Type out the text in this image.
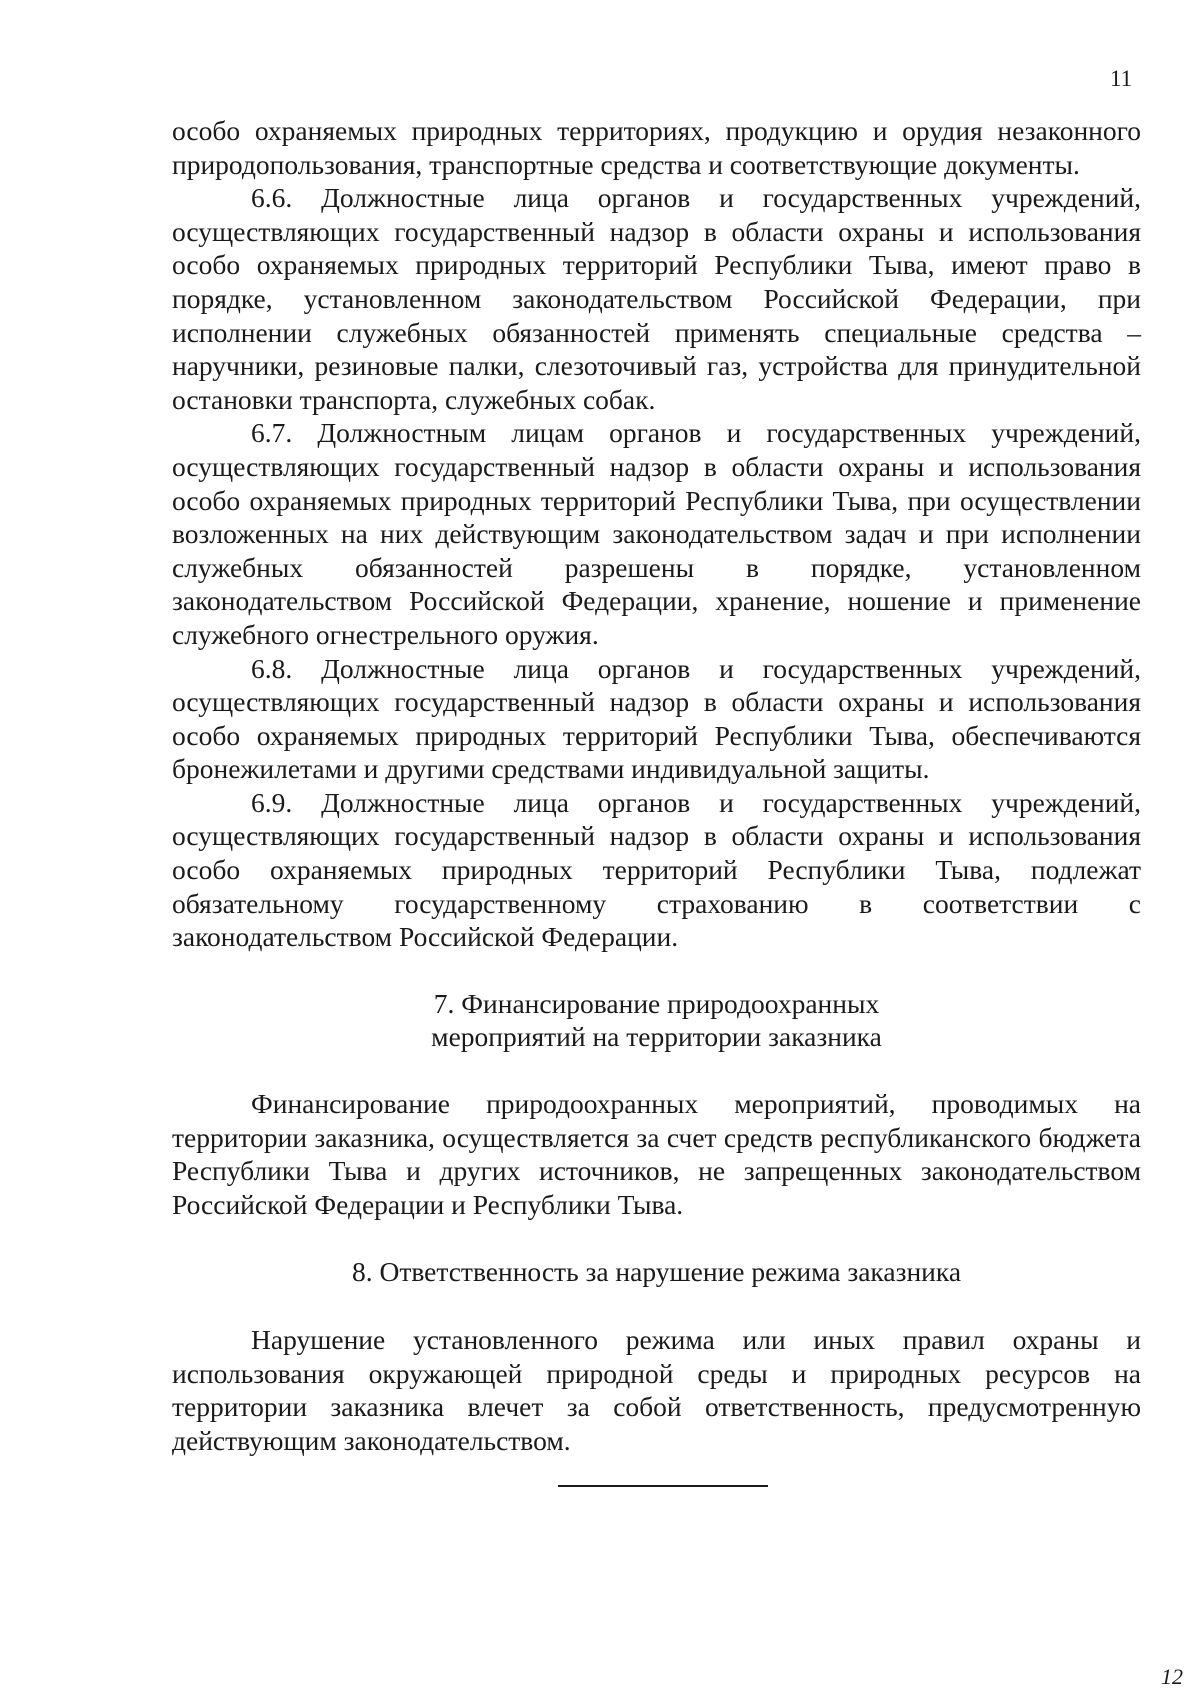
11

особо охраняемых природных территориях, продукцию и орудия незаконного природопользования, транспортные средства и соответствующие документы.

6.6. Должностные лица органов и государственных учреждений, осуществляющих государственный надзор в области охраны и использования особо охраняемых природных территорий Республики Тыва, имеют право в порядке, установленном законодательством Российской Федерации, при исполнении служебных обязанностей применять специальные средства – наручники, резиновые палки, слезоточивый газ, устройства для принудительной остановки транспорта, служебных собак.

6.7. Должностным лицам органов и государственных учреждений, осуществляющих государственный надзор в области охраны и использования особо охраняемых природных территорий Республики Тыва, при осуществлении возложенных на них действующим законодательством задач и при исполнении служебных обязанностей разрешены в порядке, установленном законодательством Российской Федерации, хранение, ношение и применение служебного огнестрельного оружия.

6.8. Должностные лица органов и государственных учреждений, осуществляющих государственный надзор в области охраны и использования особо охраняемых природных территорий Республики Тыва, обеспечиваются бронежилетами и другими средствами индивидуальной защиты.

6.9. Должностные лица органов и государственных учреждений, осуществляющих государственный надзор в области охраны и использования особо охраняемых природных территорий Республики Тыва, подлежат обязательному государственному страхованию в соответствии с законодательством Российской Федерации.

7. Финансирование природоохранных
мероприятий на территории заказника

Финансирование природоохранных мероприятий, проводимых на территории заказника, осуществляется за счет средств республиканского бюджета Республики Тыва и других источников, не запрещенных законодательством Российской Федерации и Республики Тыва.

8. Ответственность за нарушение режима заказника

Нарушение установленного режима или иных правил охраны и использования окружающей природной среды и природных ресурсов на территории заказника влечет за собой ответственность, предусмотренную действующим законодательством.

12
